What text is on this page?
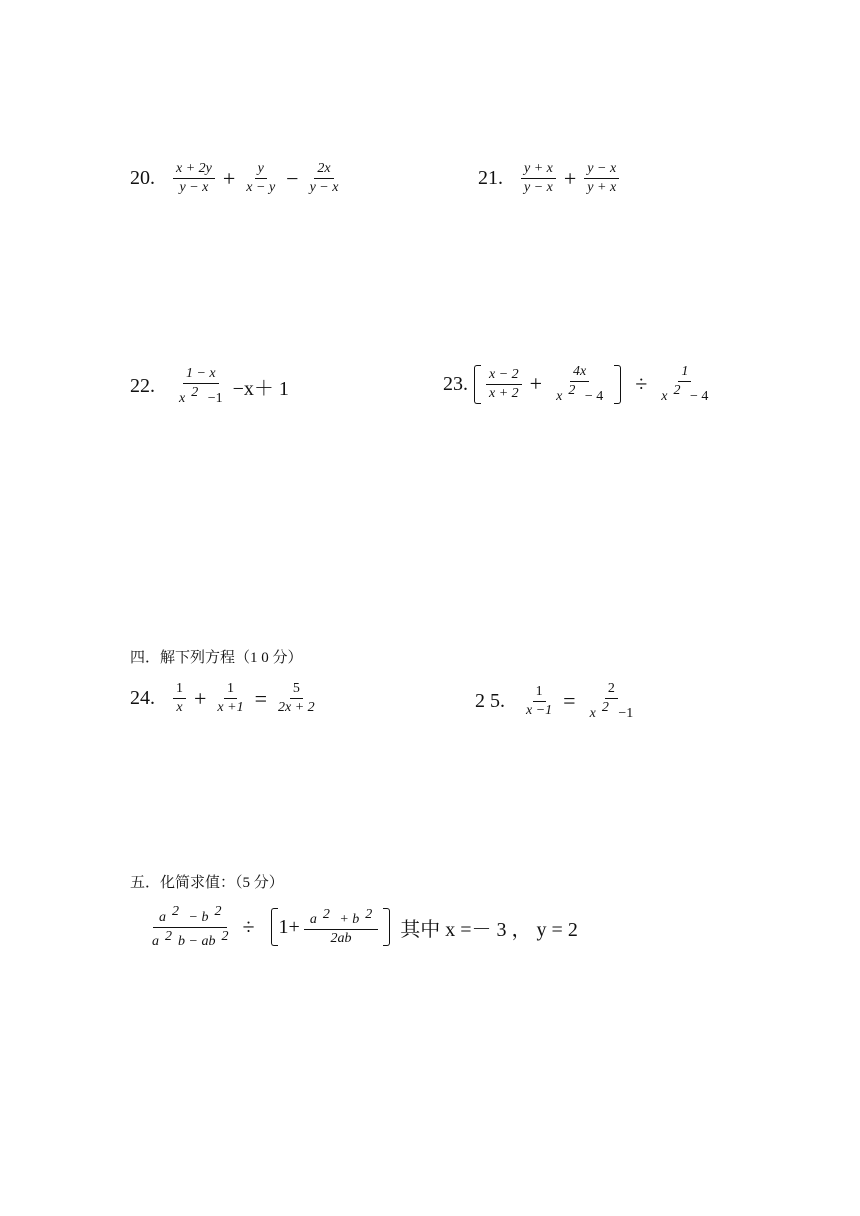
20. $\frac{x + 2y}{y - x} + \frac{y}{x - y} - \frac{2x}{y - x}$	21. $\frac{y + x}{y - x} + \frac{y - x}{y + x}$
22. $\frac{1 - x}{x 2 -1} -x+ 1$	23. $\frac{x - 2}{x + 2} + \frac{4x}{x 2 - 4} \div \frac{1}{x 2 - 4}$
四．解下列方程（1 0 分）
24. $\frac{1}{x} + \frac{1}{x +1} = \frac{5}{2x + 2}$	2 5. $\frac{1}{x -1} = \frac{2}{x 2 -1}$
五．化简求值：（5 分）
$\frac{a 2 - b 2}{a 2 b - ab 2} \div 1+ \frac{a 2 + b 2}{2ab}$ 其中 x =－ 3 ， y = 2
